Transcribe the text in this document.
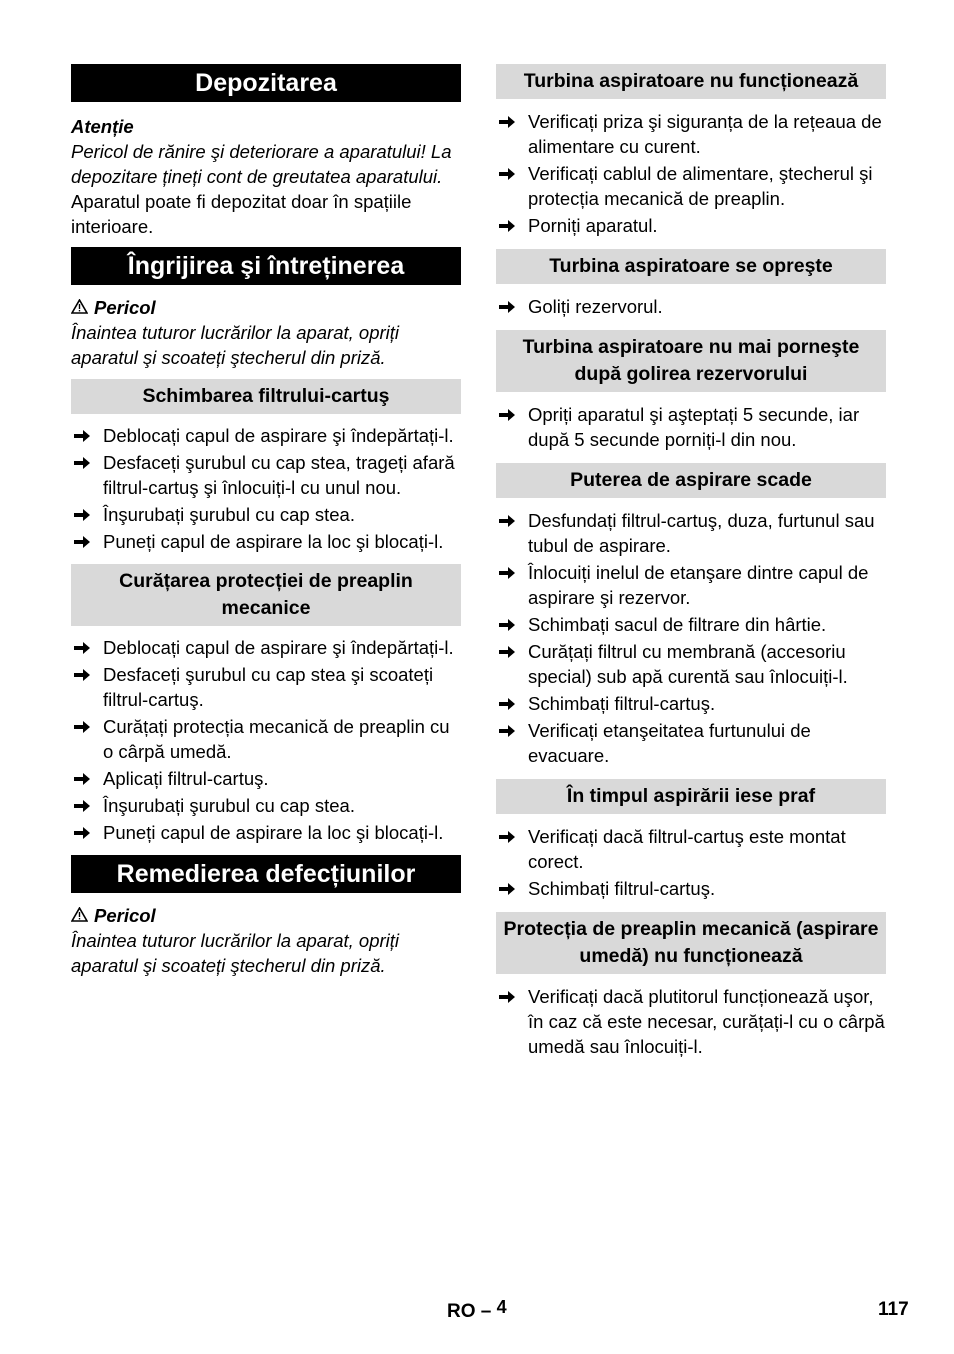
Depozitarea
Atenție

Pericol de rănire şi deteriorare a aparatului! La depozitare țineți cont de greutatea aparatului.

Aparatul poate fi depozitat doar în spațiile interioare.

Îngrijirea şi întreținerea
Pericol

Înaintea tuturor lucrărilor la aparat, opriți aparatul şi scoateți ştecherul din priză.

Schimbarea filtrului-cartuş
Deblocați capul de aspirare şi îndepărtați-l.
Desfaceți şurubul cu cap stea, trageți afară filtrul-cartuş şi înlocuiți-l cu unul nou.
Înşurubați şurubul cu cap stea.
Puneți capul de aspirare la loc şi blocați-l.
Curățarea protecției de preaplin mecanice
Deblocați capul de aspirare şi îndepărtați-l.
Desfaceți şurubul cu cap stea şi scoateți filtrul-cartuş.
Curățați protecția mecanică de preaplin cu o cârpă umedă.
Aplicați filtrul-cartuş.
Înşurubați şurubul cu cap stea.
Puneți capul de aspirare la loc şi blocați-l.
Remedierea defecțiunilor
Pericol

Înaintea tuturor lucrărilor la aparat, opriți aparatul şi scoateți ştecherul din priză.

Turbina aspiratoare nu funcționează
Verificați priza şi siguranța de la rețeaua de alimentare cu curent.
Verificați cablul de alimentare, ştecherul şi protecția mecanică de preaplin.
Porniți aparatul.
Turbina aspiratoare se opreşte
Goliți rezervorul.
Turbina aspiratoare nu mai porneşte după golirea rezervorului
Opriți aparatul şi aşteptați 5 secunde, iar după 5 secunde porniți-l din nou.
Puterea de aspirare scade
Desfundați filtrul-cartuş, duza, furtunul sau tubul de aspirare.
Înlocuiți inelul de etanşare dintre capul de aspirare şi rezervor.
Schimbați sacul de filtrare din hârtie.
Curățați filtrul cu membrană (accesoriu special) sub apă curentă sau înlocuiți-l.
Schimbați filtrul-cartuş.
Verificați etanşeitatea furtunului de evacuare.
În timpul aspirării iese praf
Verificați dacă filtrul-cartuş este montat corect.
Schimbați filtrul-cartuş.
Protecția de preaplin mecanică (aspirare umedă) nu funcționează
Verificați dacă plutitorul funcționează uşor, în caz că este necesar, curățați-l cu o cârpă umedă sau înlocuiți-l.
RO – $^4$	117
